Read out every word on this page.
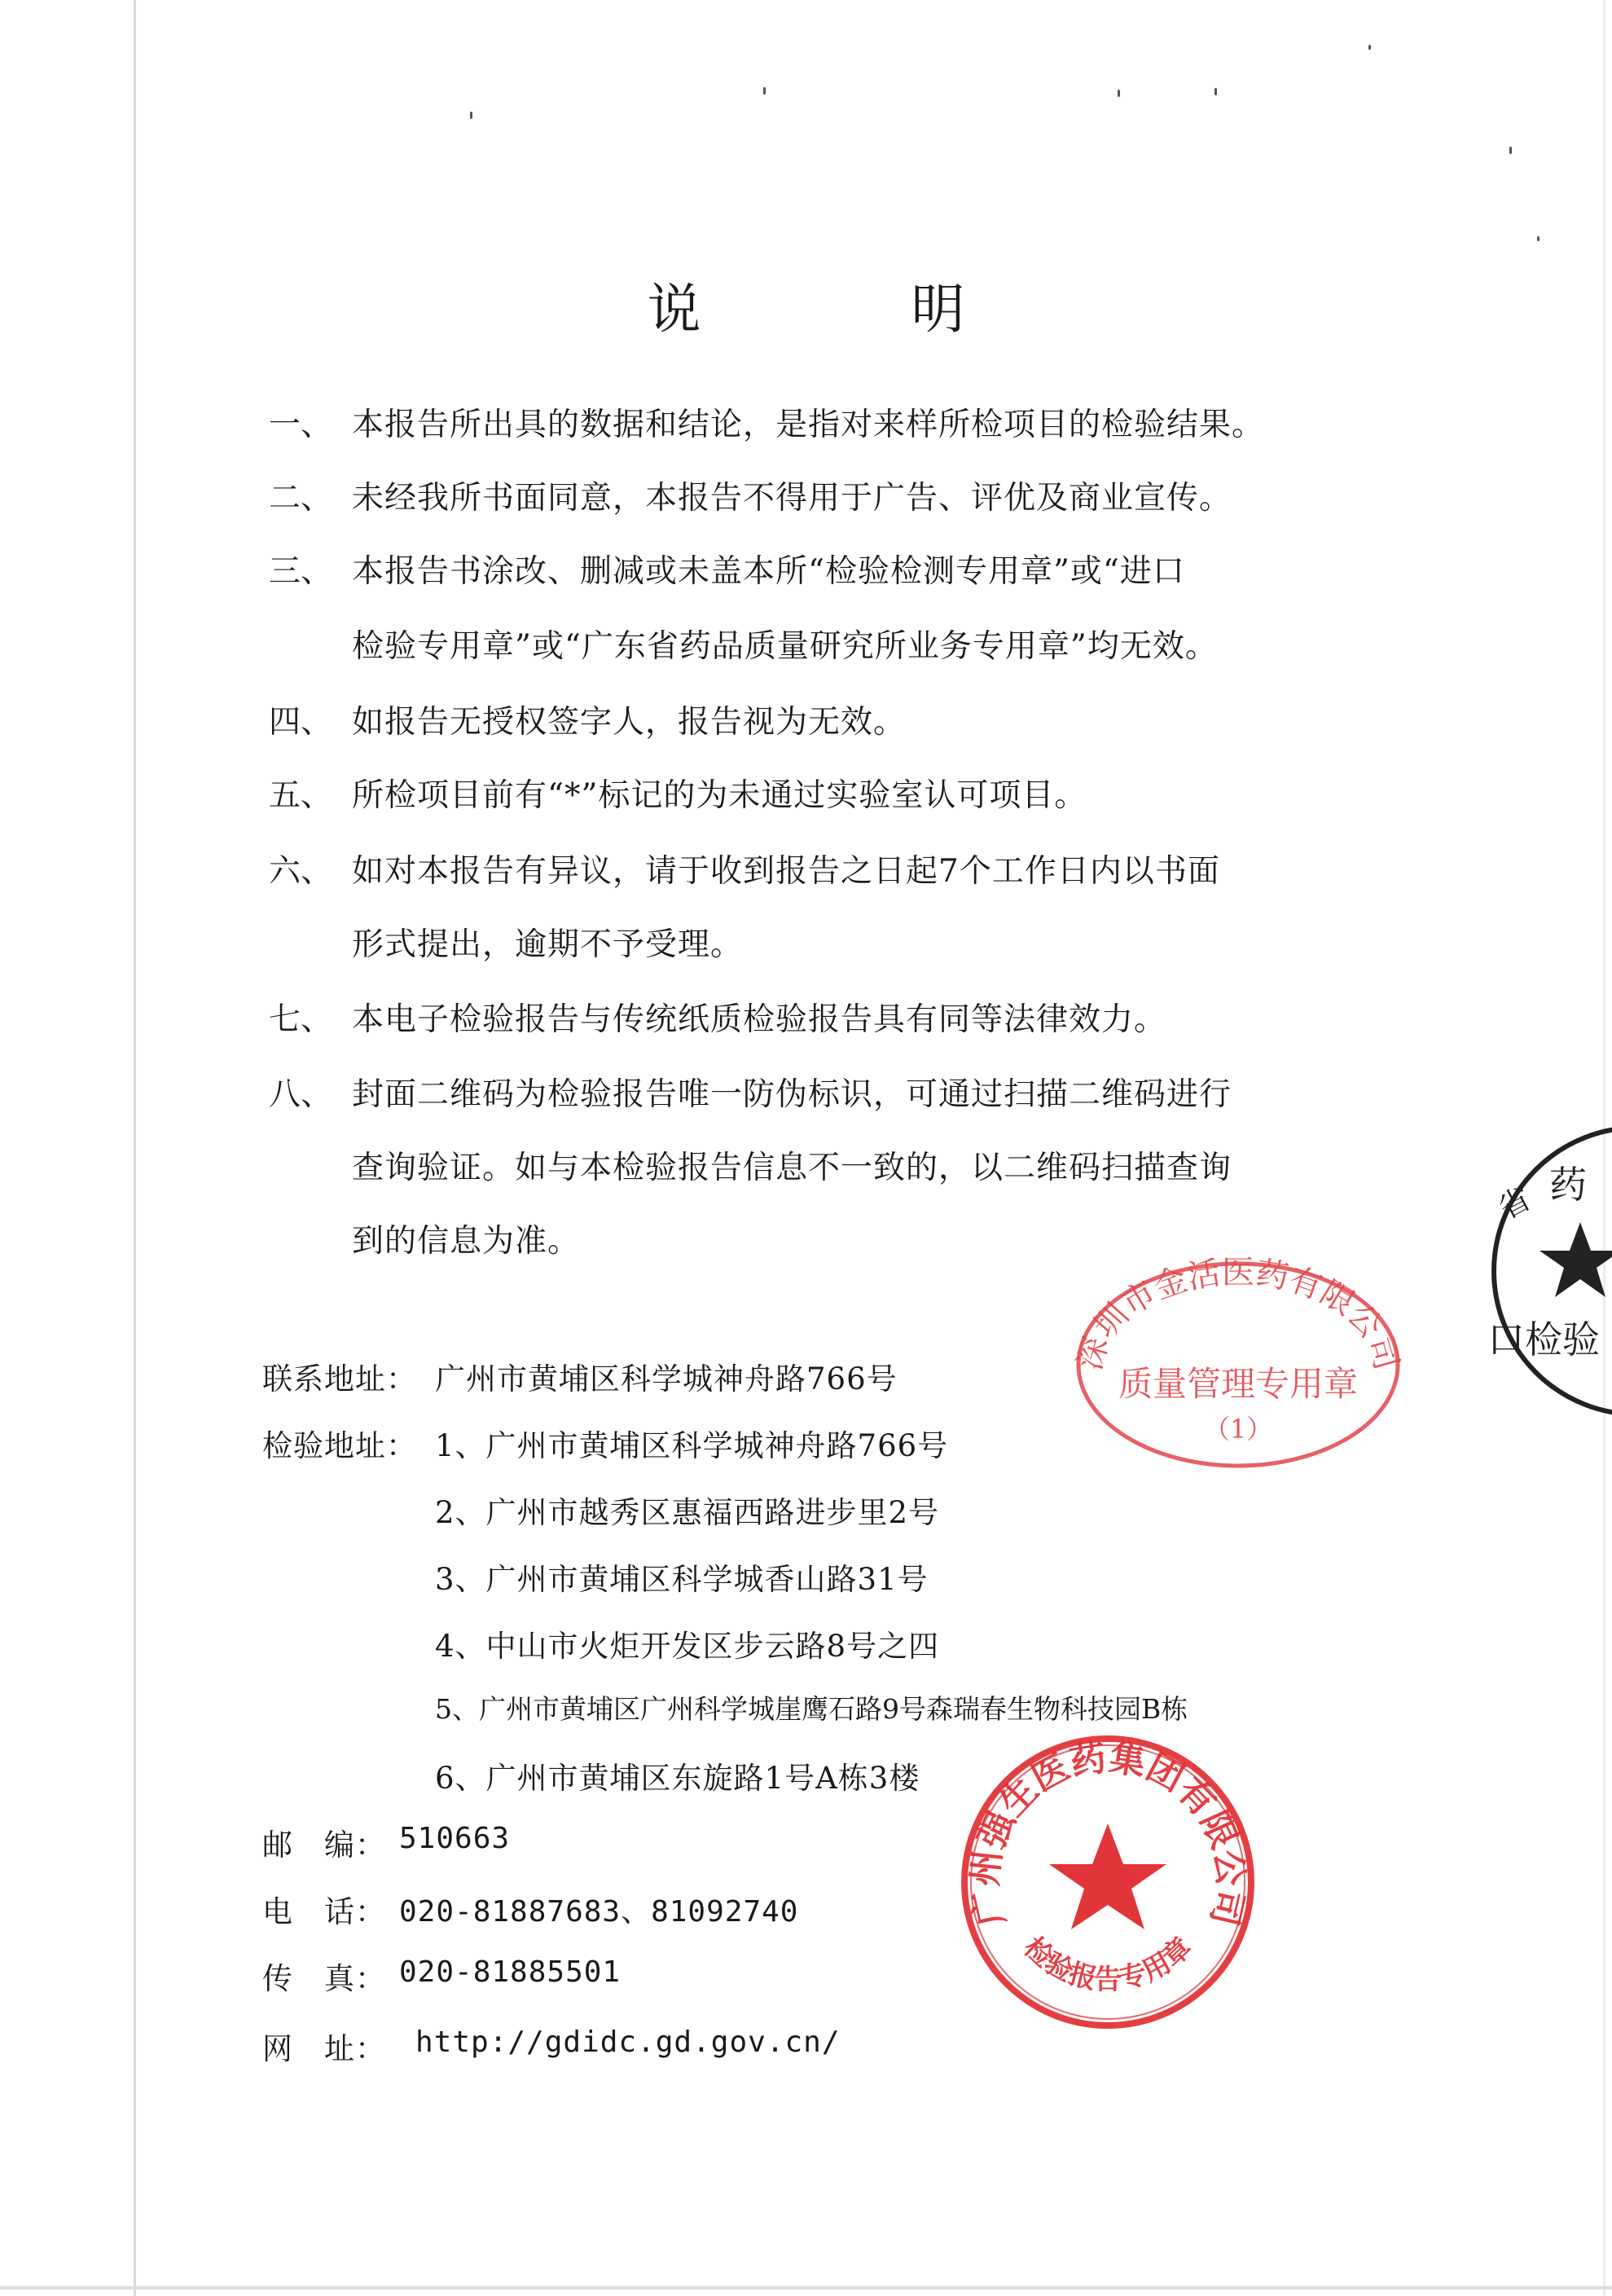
说　明
一、 本报告所出具的数据和结论，是指对来样所检项目的检验结果。
二、 未经我所书面同意，本报告不得用于广告、评优及商业宣传。
三、 本报告书涂改、删减或未盖本所“检验检测专用章”或“进口
检验专用章”或“广东省药品质量研究所业务专用章”均无效。
四、 如报告无授权签字人，报告视为无效。
五、 所检项目前有“*”标记的为未通过实验室认可项目。
六、 如对本报告有异议，请于收到报告之日起7个工作日内以书面
形式提出，逾期不予受理。
七、 本电子检验报告与传统纸质检验报告具有同等法律效力。
八、 封面二维码为检验报告唯一防伪标识，可通过扫描二维码进行
查询验证。如与本检验报告信息不一致的，以二维码扫描查询
到的信息为准。
联系地址： 广州市黄埔区科学城神舟路766号
检验地址： 1、广州市黄埔区科学城神舟路766号
2、广州市越秀区惠福西路进步里2号
3、广州市黄埔区科学城香山路31号
4、中山市火炬开发区步云路8号之四
5、广州市黄埔区广州科学城崖鹰石路9号森瑞春生物科技园B栋
6、广州市黄埔区东旋路1号A栋3楼
邮　编： 510663
电　话： 020-81887683、81092740
传　真： 020-81885501
网　址： http://gdidc.gd.gov.cn/
深圳市金活医药有限公司
质量管理专用章
（1）
广州强生医药集团有限公司
检验报告专用章
药
省
口检验
